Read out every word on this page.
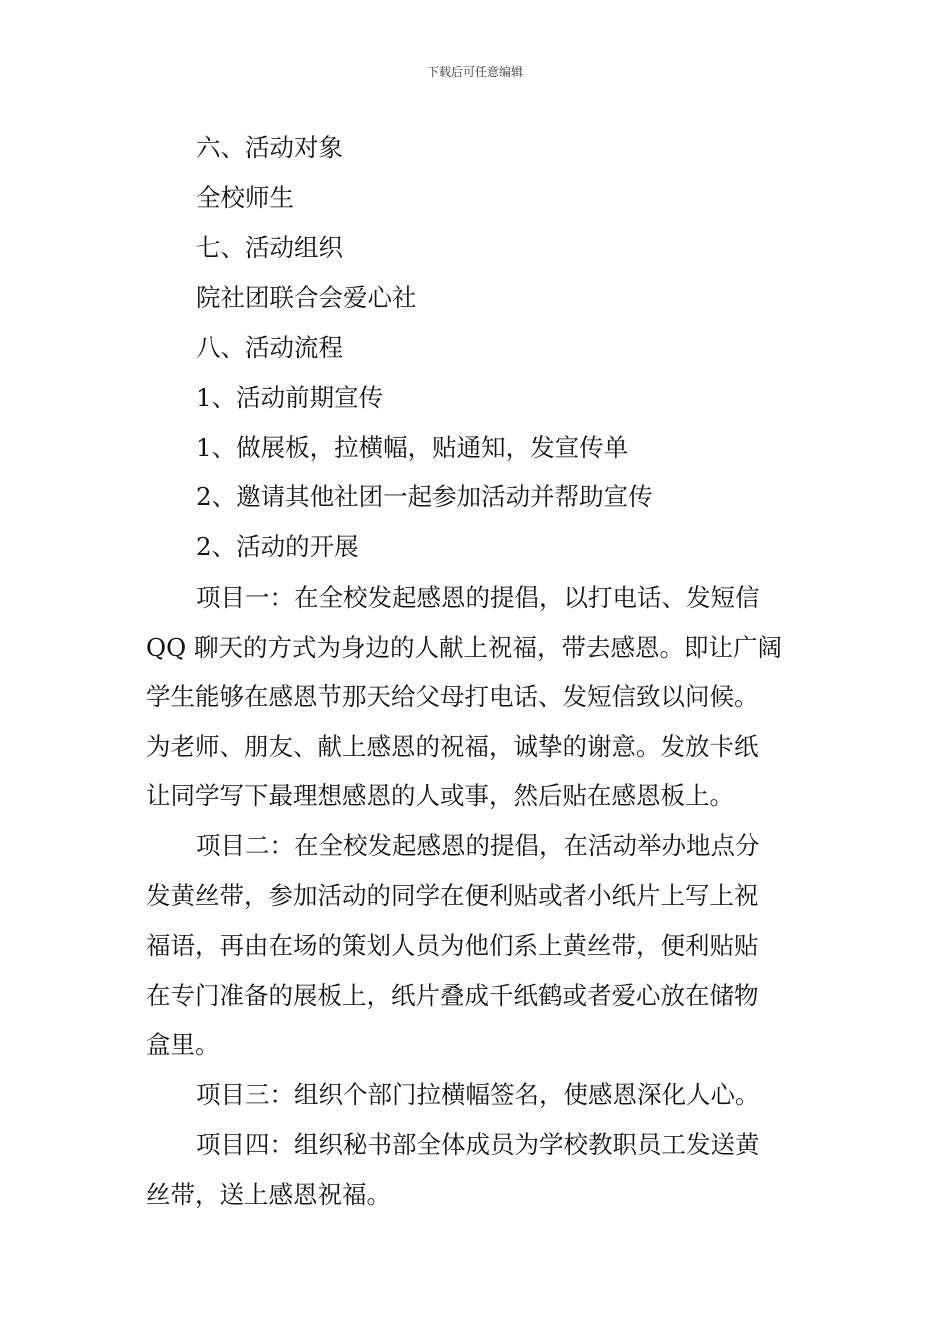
下载后可任意编辑
六、活动对象
全校师生
七、活动组织
院社团联合会爱心社
八、活动流程
1、活动前期宣传
1、做展板，拉横幅，贴通知，发宣传单
2、邀请其他社团一起参加活动并帮助宣传
2、活动的开展
项目一：在全校发起感恩的提倡，以打电话、发短信
QQ 聊天的方式为身边的人献上祝福，带去感恩。即让广阔
学生能够在感恩节那天给父母打电话、发短信致以问候。
为老师、朋友、献上感恩的祝福，诚挚的谢意。发放卡纸
让同学写下最理想感恩的人或事，然后贴在感恩板上。
项目二：在全校发起感恩的提倡，在活动举办地点分
发黄丝带，参加活动的同学在便利贴或者小纸片上写上祝
福语，再由在场的策划人员为他们系上黄丝带，便利贴贴
在专门准备的展板上，纸片叠成千纸鹤或者爱心放在储物
盒里。
项目三：组织个部门拉横幅签名，使感恩深化人心。
项目四：组织秘书部全体成员为学校教职员工发送黄
丝带，送上感恩祝福。
